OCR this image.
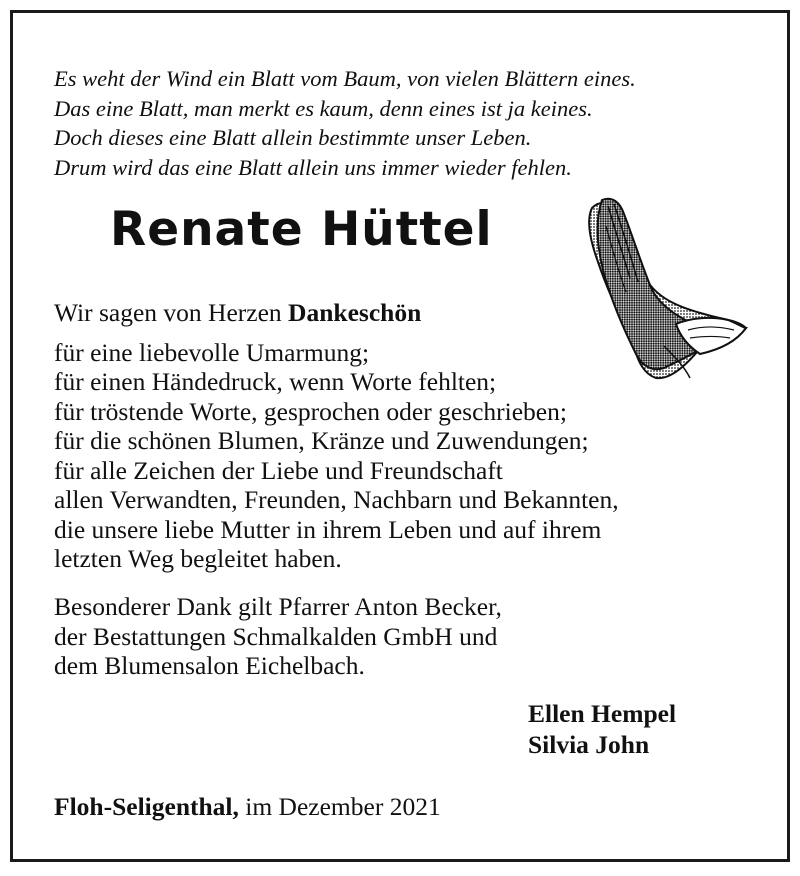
Es weht der Wind ein Blatt vom Baum, von vielen Blättern eines.
Das eine Blatt, man merkt es kaum, denn eines ist ja keines.
Doch dieses eine Blatt allein bestimmte unser Leben.
Drum wird das eine Blatt allein uns immer wieder fehlen.
Renate Hüttel
Wir sagen von Herzen Dankeschön
für eine liebevolle Umarmung;
für einen Händedruck, wenn Worte fehlten;
für tröstende Worte, gesprochen oder geschrieben;
für die schönen Blumen, Kränze und Zuwendungen;
für alle Zeichen der Liebe und Freundschaft
allen Verwandten, Freunden, Nachbarn und Bekannten,
die unsere liebe Mutter in ihrem Leben und auf ihrem
letzten Weg begleitet haben.
Besonderer Dank gilt Pfarrer Anton Becker,
der Bestattungen Schmalkalden GmbH und
dem Blumensalon Eichelbach.
Ellen Hempel
Silvia John
Floh-Seligenthal, im Dezember 2021
